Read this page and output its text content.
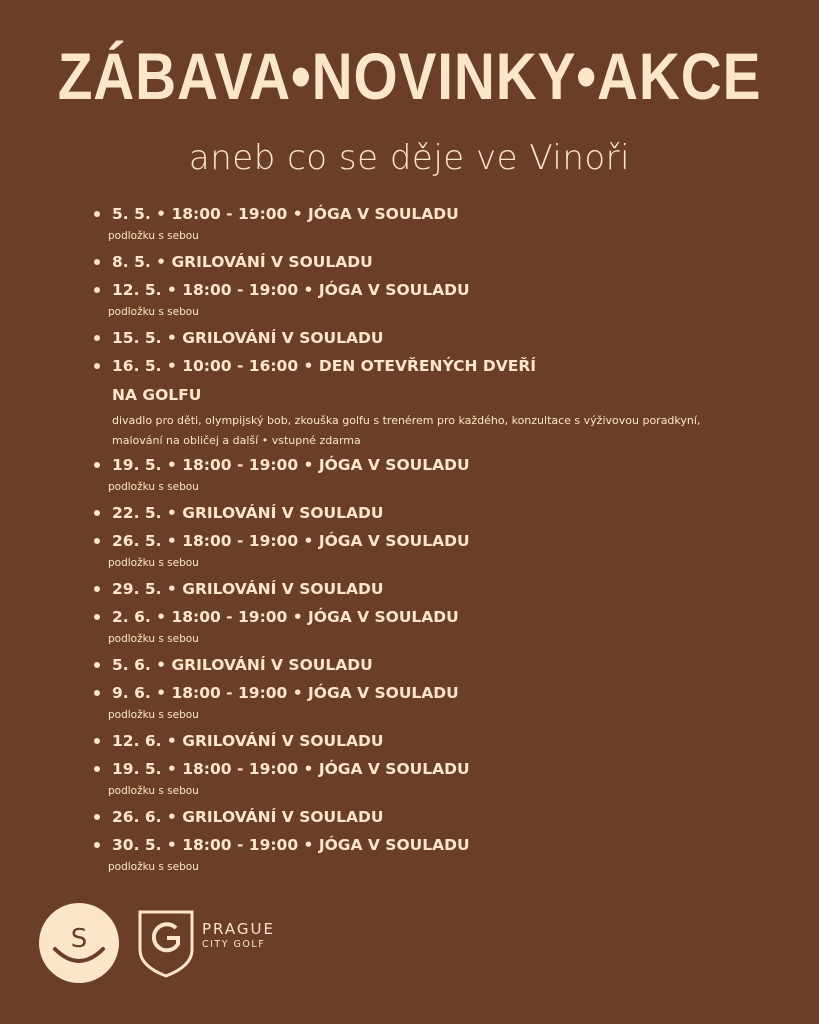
ZÁBAVA•NOVINKY•AKCE
aneb co se děje ve Vinoři
5. 5. • 18:00 - 19:00 • JÓGA V SOULADU
podložku s sebou
8. 5. • GRILOVÁNÍ V SOULADU
12. 5. • 18:00 - 19:00 • JÓGA V SOULADU
podložku s sebou
15. 5. • GRILOVÁNÍ V SOULADU
16. 5. • 10:00 - 16:00 • DEN OTEVŘENÝCH DVEŘÍ
NA GOLFU
divadlo pro děti, olympijský bob, zkouška golfu s trenérem pro každého, konzultace s výživovou poradkyní, malování na obličej a další • vstupné zdarma
19. 5. • 18:00 - 19:00 • JÓGA V SOULADU
podložku s sebou
22. 5. • GRILOVÁNÍ V SOULADU
26. 5. • 18:00 - 19:00 • JÓGA V SOULADU
podložku s sebou
29. 5. • GRILOVÁNÍ V SOULADU
2. 6. • 18:00 - 19:00 • JÓGA V SOULADU
podložku s sebou
5. 6. • GRILOVÁNÍ V SOULADU
9. 6. • 18:00 - 19:00 • JÓGA V SOULADU
podložku s sebou
12. 6. • GRILOVÁNÍ V SOULADU
19. 5. • 18:00 - 19:00 • JÓGA V SOULADU
podložku s sebou
26. 6. • GRILOVÁNÍ V SOULADU
30. 5. • 18:00 - 19:00 • JÓGA V SOULADU
podložku s sebou
S	PRAGUE
CITY GOLF
